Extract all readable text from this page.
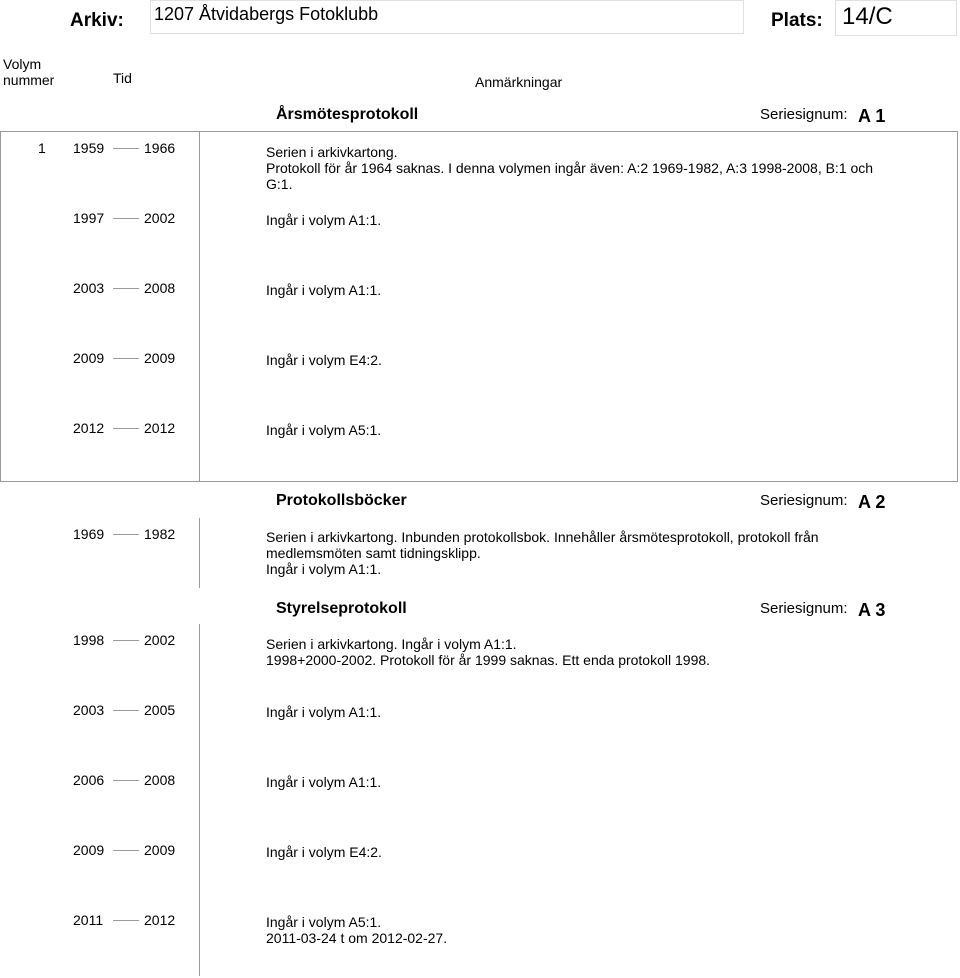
Arkiv: 1207 Åtvidabergs Fotoklubb	Plats: 14/C
Volym
nummer	Tid	Anmärkningar
Årsmötesprotokoll	Seriesignum: A 1
1 1959	1966	Serien i arkivkartong.
Protokoll för år 1964 saknas. I denna volymen ingår även: A:2 1969-1982, A:3 1998-2008, B:1 och
G:1.
1997	2002	Ingår i volym A1:1.
2003	2008	Ingår i volym A1:1.
2009	2009	Ingår i volym E4:2.
2012	2012	Ingår i volym A5:1.
Protokollsböcker	Seriesignum: A 2
1969	1982	Serien i arkivkartong. Inbunden protokollsbok. Innehåller årsmötesprotokoll, protokoll från
medlemsmöten samt tidningsklipp.
Ingår i volym A1:1.
Styrelseprotokoll	Seriesignum: A 3
1998	2002	Serien i arkivkartong. Ingår i volym A1:1.
1998+2000-2002. Protokoll för år 1999 saknas. Ett enda protokoll 1998.
2003	2005	Ingår i volym A1:1.
2006	2008	Ingår i volym A1:1.
2009	2009	Ingår i volym E4:2.
2011	2012	Ingår i volym A5:1.
2011-03-24 t om 2012-02-27.
